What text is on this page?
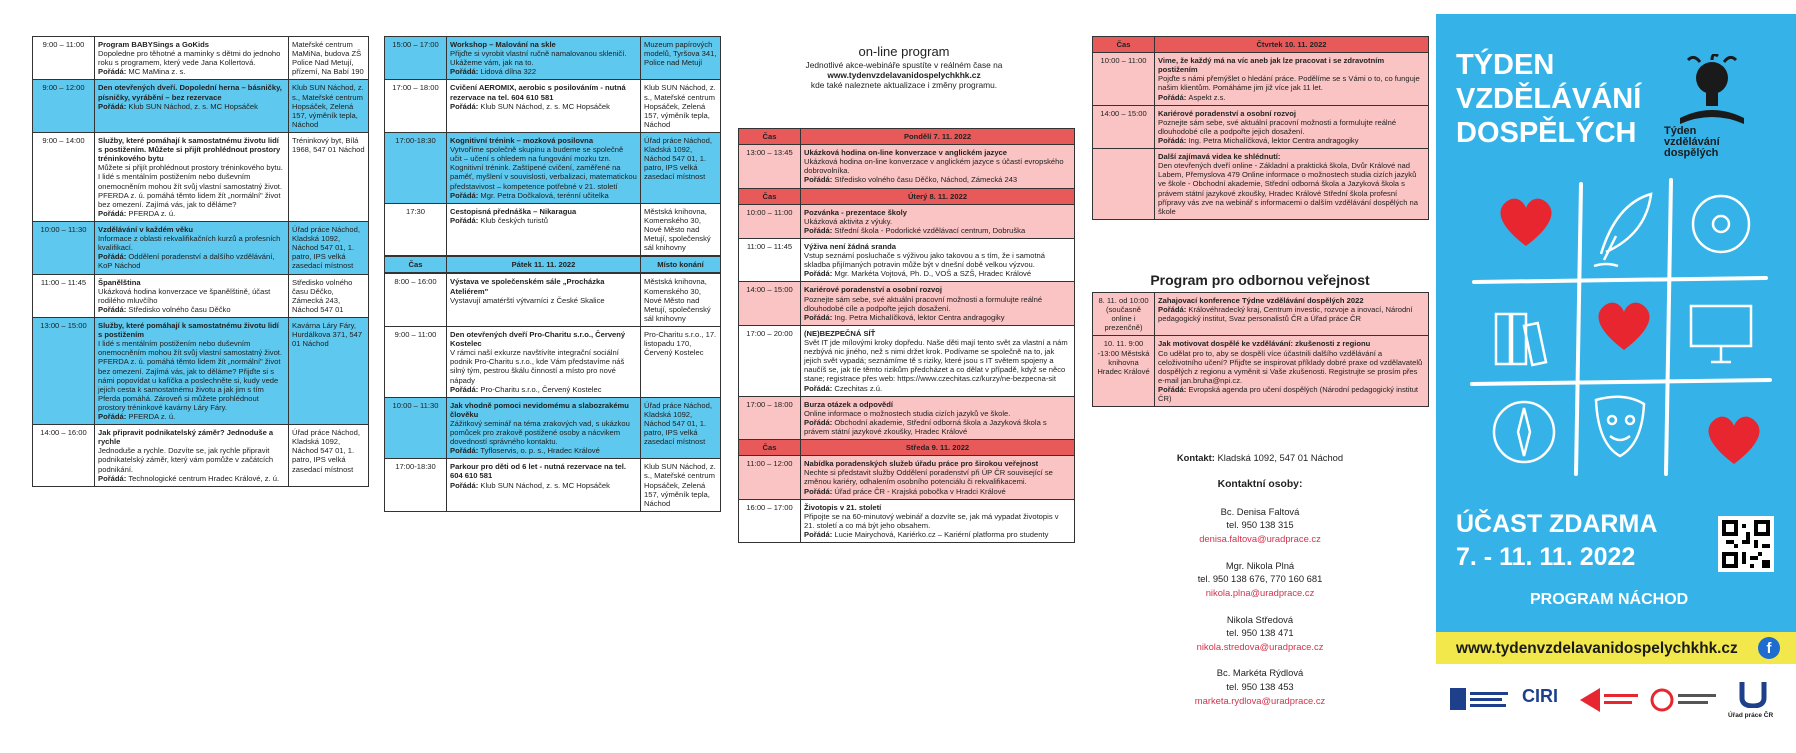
9:00 – 11:00	Program BABYSings a GoKids
Dopoledne pro těhotné a maminky s dětmi do jednoho roku s programem, který vede Jana Kollertová.
Pořádá: MC MaMina z. s.	Mateřské centrum MaMiNa, budova ZŠ Police Nad Metují, přízemí, Na Babí 190
9:00 – 12:00	Den otevřených dveří. Dopolední herna – básničky, písničky, vyrábění – bez rezervace
Pořádá: Klub SUN Náchod, z. s. MC Hopsáček	Klub SUN Náchod, z. s., Mateřské centrum Hopsáček, Zelená 157, výměník tepla, Náchod
9:00 – 14:00	Služby, které pomáhají k samostatnému životu lidí s postižením. Můžete si přijít prohlédnout prostory tréninkového bytu
Můžete si přijít prohlédnout prostory tréninkového bytu. I lidé s mentálním postižením nebo duševním onemocněním mohou žít svůj vlastní samostatný život. PFERDA z. ú. pomáhá těmto lidem žít „normální" život bez omezení. Zajímá vás, jak to děláme?
Pořádá: PFERDA z. ú.	Tréninkový byt, Bílá 1968, 547 01 Náchod
10:00 – 11:30	Vzdělávání v každém věku
Informace z oblasti rekvalifikačních kurzů a profesních kvalifikací.
Pořádá: Oddělení poradenství a dalšího vzdělávání, KoP Náchod	Úřad práce Náchod, Kladská 1092, Náchod 547 01, 1. patro, IPS velká zasedací místnost
11:00 – 11:45	Španělština
Ukázková hodina konverzace ve španělštině, účast rodilého mluvčího
Pořádá: Středisko volného času Děčko	Středisko volného času Děčko, Zámecká 243, Náchod 547 01
13:00 – 15:00	Služby, které pomáhají k samostatnému životu lidí s postižením
I lidé s mentálním postižením nebo duševním onemocněním mohou žít svůj vlastní samostatný život. PFERDA z. ú. pomáhá těmto lidem žít „normální" život bez omezení. Zajímá vás, jak to děláme? Přijďte si s námi popovídat u kafíčka a poslechněte si, kudy vede jejich cesta k samostatnému životu a jak jim s tím Pferda pomáhá. Zároveň si můžete prohlédnout prostory tréninkové kavárny Láry Fáry.
Pořádá: PFERDA z. ú.	Kavárna Láry Fáry, Hurdálkova 371, 547 01 Náchod
14:00 – 16:00	Jak připravit podnikatelský záměr? Jednoduše a rychle
Jednoduše a rychle. Dozvíte se, jak rychle připravit podnikatelský záměr, který vám pomůže v začátcích podnikání.
Pořádá: Technologické centrum Hradec Králové, z. ú.	Úřad práce Náchod, Kladská 1092, Náchod 547 01, 1. patro, IPS velká zasedací místnost
15:00 – 17:00	Workshop – Malování na skle
Přijďte si vyrobit vlastní ručně namalovanou skleničí. Ukážeme vám, jak na to.
Pořádá: Lidová dílna 322	Muzeum papírových modelů, Tyršova 341, Police nad Metují
17:00 – 18:00	Cvičení AEROMIX, aerobic s posilováním - nutná rezervace na tel. 604 610 581
Pořádá: Klub SUN Náchod, z. s. MC Hopsáček	Klub SUN Náchod, z. s., Mateřské centrum Hopsáček, Zelená 157, výměník tepla, Náchod
17:00-18:30	Kognitivní trénink – mozková posilovna
Vytvoříme společně skupinu a budeme se společně učit – učení s ohledem na fungování mozku tzn. Kognitivní trénink. Zaštípené cvičení, zaměřené na paměť, myšlení v souvislosti, verbalizaci, matematickou představivost – kompetence potřebné v 21. století
Pořádá: Mgr. Petra Dočkalová, terénní učitelka	Úřad práce Náchod, Kladská 1092, Náchod 547 01, 1. patro, IPS velká zasedací místnost
17:30	Cestopisná přednáška – Nikaragua
Pořádá: Klub českých turistů	Městská knihovna, Komenského 30, Nové Město nad Metují, společenský sál knihovny
Čas	Pátek 11. 11. 2022	Místo konání
8:00 – 16:00	Výstava ve společenském sále „Procházka Ateliérem"
Vystavují amatérští výtvarníci z České Skalice	Městská knihovna, Komenského 30, Nové Město nad Metují, společenský sál knihovny
9:00 – 11:00	Den otevřených dveří Pro-Charitu s.r.o., Červený Kostelec
V rámci naší exkurze navštívíte integrační sociální podnik Pro-Charitu s.r.o., kde Vám představíme náš silný tým, pestrou škálu činností a místo pro nové nápady
Pořádá: Pro-Charitu s.r.o., Červený Kostelec	Pro-Charitu s.r.o., 17. listopadu 170, Červený Kostelec
10:00 – 11:30	Jak vhodně pomoci nevidomému a slabozrakému člověku
Zážitkový seminář na téma zrakových vad, s ukázkou pomůcek pro zrakově postižené osoby a nácvikem dovedností správného kontaktu.
Pořádá: Tyfloservis, o. p. s., Hradec Králové	Úřad práce Náchod, Kladská 1092, Náchod 547 01, 1. patro, IPS velká zasedací místnost
17:00-18:30	Parkour pro děti od 6 let - nutná rezervace na tel. 604 610 581
Pořádá: Klub SUN Náchod, z. s. MC Hopsáček	Klub SUN Náchod, z. s., Mateřské centrum Hopsáček, Zelená 157, výměník tepla, Náchod
on-line program
Jednotlivé akce-webináře spustíte v reálném čase na
www.tydenvzdelavanidospelychkhk.cz
kde také naleznete aktualizace i změny programu.
Čas	Pondělí 7. 11. 2022
13:00 – 13:45	Ukázková hodina on-line konverzace v anglickém jazyce
Ukázková hodina on-line konverzace v anglickém jazyce s účastí evropského dobrovolníka.
Pořádá: Středisko volného času Děčko, Náchod, Zámecká 243

Čas	Úterý 8. 11. 2022
10:00 – 11:00	Pozvánka - prezentace školy
Ukázková aktivita z výuky.
Pořádá: Střední škola - Podorlické vzdělávací centrum, Dobruška

11:00 – 11:45	Výživa není žádná sranda
Vstup seznámí posluchače s výživou jako takovou a s tím, že i samotná skladba přijímaných potravin může být v dnešní době velkou výzvou.
Pořádá: Mgr. Markéta Vojtová, Ph. D., VOŠ a SZŠ, Hradec Králové

14:00 – 15:00	Kariérové poradenství a osobní rozvoj
Poznejte sám sebe, své aktuální pracovní možnosti a formulujte reálné dlouhodobé cíle a podpořte jejich dosažení.
Pořádá: Ing. Petra Michalíčková, lektor Centra andragogiky

17:00 – 20:00	(NE)BEZPEČNÁ SÍŤ
Svět IT jde mílovými kroky dopředu. Naše děti mají tento svět za vlastní a nám nezbývá nic jiného, než s nimi držet krok. Podívame se společně na to, jak jejich svět vypadá; seznámíme tě s riziky, které jsou s IT světem spojeny a naučíš se, jak tíe těmto rizikům předcházet a co dělat v případě, když se něco stane; registrace přes web: https://www.czechitas.cz/kurzy/ne-bezpecna-sit
Pořádá: Czechitas z.ú.

17:00 – 18:00	Burza otázek a odpovědí
Online informace o možnostech studia cizích jazyků ve škole.
Pořádá: Obchodní akademie, Střední odborná škola a Jazyková škola s právem státní jazykové zkoušky, Hradec Králové

Čas	Středa 9. 11. 2022
11:00 – 12:00	Nabídka poradenských služeb úřadu práce pro širokou veřejnost
Nechte si představit služby Oddělení poradenství při ÚP ČR související se změnou kariéry, odhalením osobního potenciálu či rekvalifikacemi.
Pořádá: Úřad práce ČR - Krajská pobočka v Hradci Králové

16:00 – 17:00	Životopis v 21. století
Připojte se na 60-minutový webinář a dozvíte se, jak má vypadat životopis v 21. století a co má být jeho obsahem.
Pořádá: Lucie Mairychová, Kariérko.cz – Kariérní platforma pro studenty
Čas	Čtvrtek 10. 11. 2022
10:00 – 11:00	Vime, že každý má na víc aneb jak lze pracovat i se zdravotním postižením
Pojďte s námi přemýšlet o hledání práce. Podělíme se s Vámi o to, co funguje našim klientům. Pomáháme jim již více jak 11 let.
Pořádá: Aspekt z.s.

14:00 – 15:00	Kariérové poradenství a osobní rozvoj
Poznejte sám sebe, své aktuální pracovní možnosti a formulujte reálné dlouhodobé cíle a podpořte jejich dosažení.
Pořádá: Ing. Petra Michalíčková, lektor Centra andragogiky

	Další zajímavá videa ke shlédnutí:
Den otevřených dveří online - Základní a praktická škola, Dvůr Králové nad Labem, Přemyslova 479 Online informace o možnostech studia cizích jazyků ve škole - Obchodní akademie, Střední odborná škola a Jazyková škola s právem státní jazykové zkoušky, Hradec Králové Střední škola profesní přípravy vás zve na webinář s informacemi o dalším vzdělávání dospělých na škole
Program pro odbornou veřejnost
8. 11. od 10:00 (současně online i prezenčně)	Zahajovací konference Týdne vzdělávání dospělých 2022
Pořádá: Královéhradecký kraj, Centrum investic, rozvoje a inovací, Národní pedagogický institut, Svaz personalistů ČR a Úřad práce ČR

10. 11. 9:00 -13:00 Městská knihovna Hradec Králové	Jak motivovat dospělé ke vzdělávání: zkušenosti z regionu
Co udělat pro to, aby se dospělí více účastnili dalšího vzdělávání a celoživotního učení? Přijďte se inspirovat příklady dobré praxe od vzdělavatelů dospělých z regionu a vyměnit si Vaše zkušenosti. Registrujte se prosím přes e-mail jan.bruha@npi.cz.
Pořádá: Evropská agenda pro učení dospělých (Národní pedagogický institut ČR)
Kontakt: Kladská 1092, 547 01 Náchod
Kontaktní osoby:
Bc. Denisa Faltová
tel. 950 138 315
denisa.faltova@uradprace.cz
Mgr. Nikola Plná
tel. 950 138 676, 770 160 681
nikola.plna@uradprace.cz
Nikola Středová
tel. 950 138 471
nikola.stredova@uradprace.cz
Bc. Markéta Rýdlová
tel. 950 138 453
marketa.rydlova@uradprace.cz
TÝDEN
VZDĚLÁVÁNÍ
DOSPĚLÝCH	Týden
vzdělávání
dospělých
ÚČAST ZDARMA
7. - 11. 11. 2022
PROGRAM NÁCHOD
www.tydenvzdelavanidospelychkhk.cz	f
CIRI
Úřad práce ČR
